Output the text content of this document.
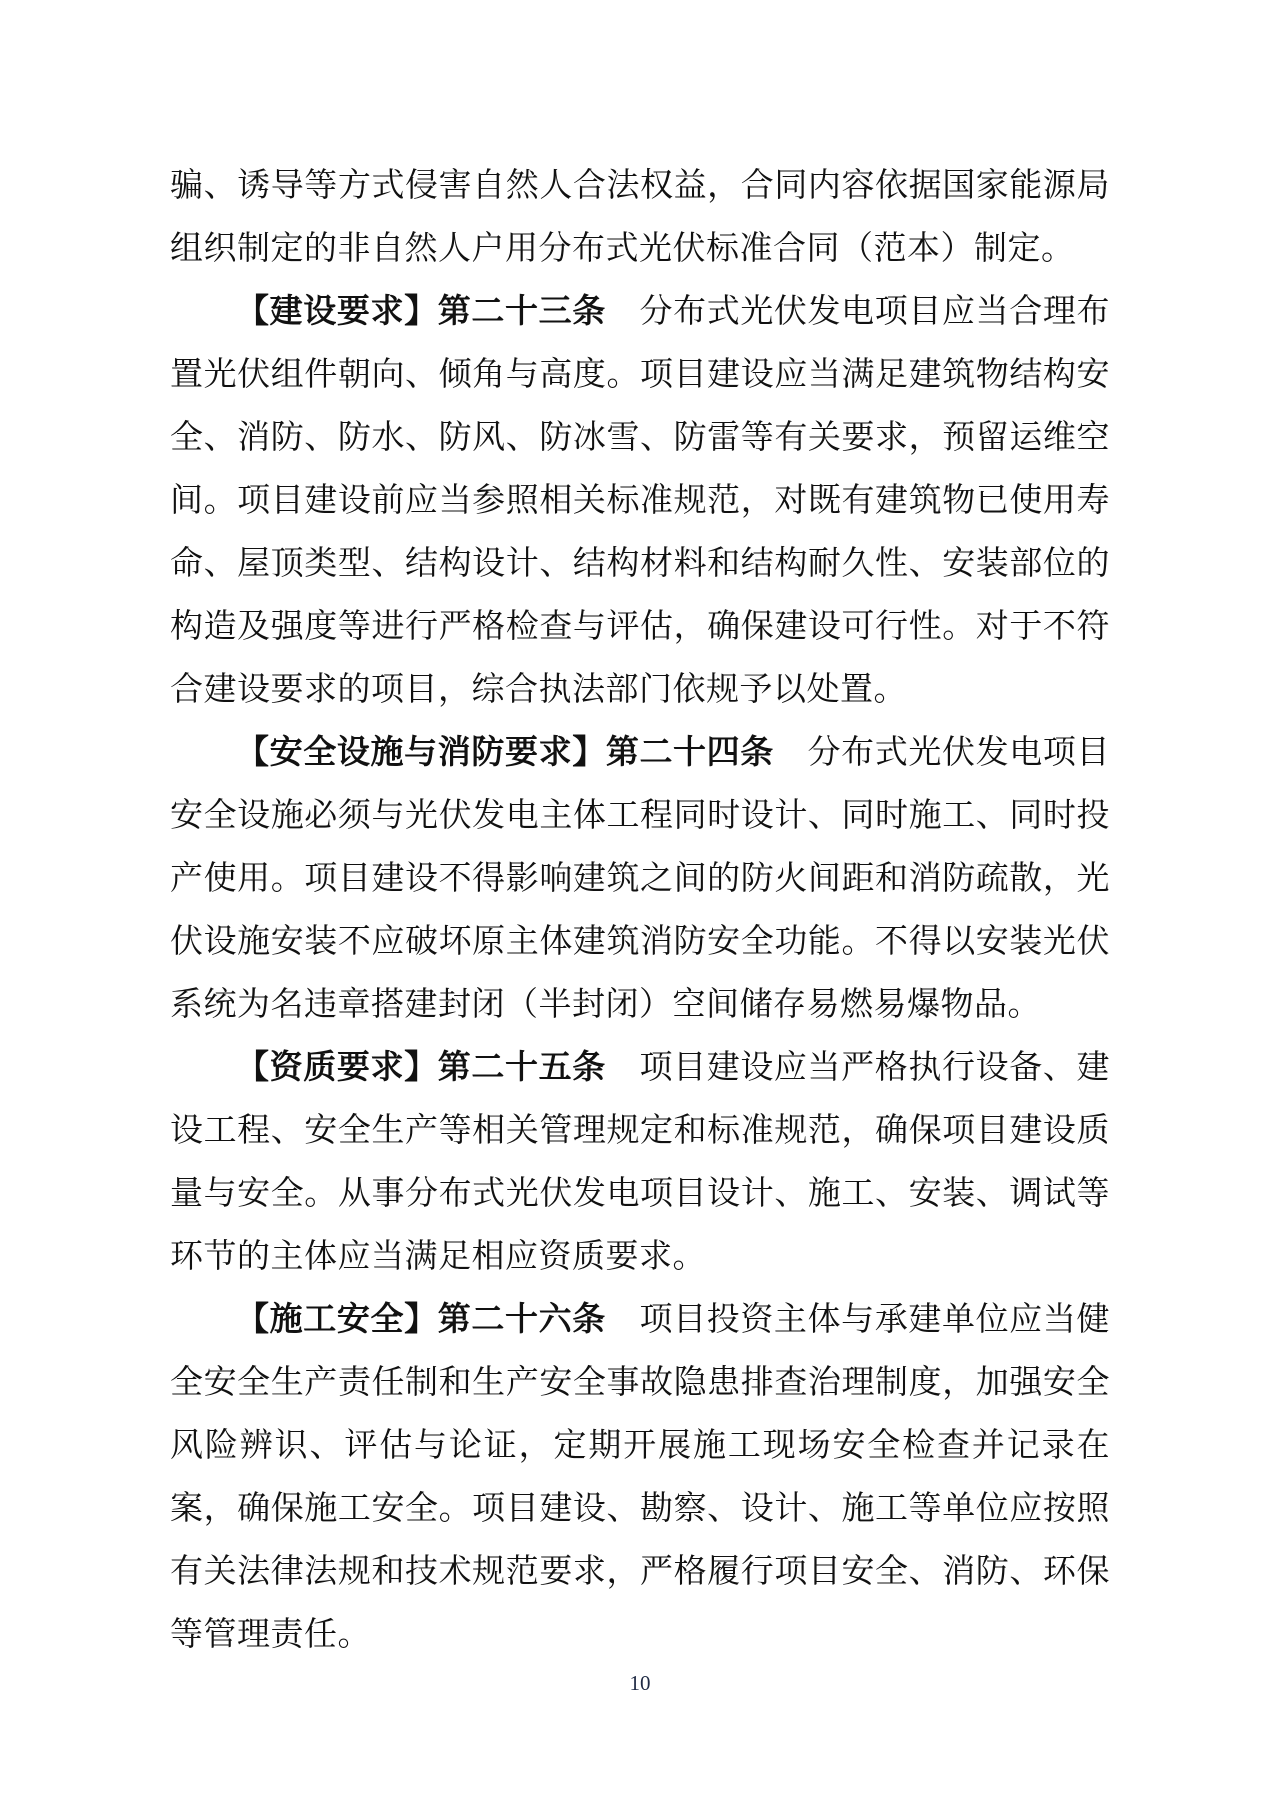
骗、诱导等方式侵害自然人合法权益，合同内容依据国家能源局组织制定的非自然人户用分布式光伏标准合同（范本）制定。

【建设要求】第二十三条　分布式光伏发电项目应当合理布置光伏组件朝向、倾角与高度。项目建设应当满足建筑物结构安全、消防、防水、防风、防冰雪、防雷等有关要求，预留运维空间。项目建设前应当参照相关标准规范，对既有建筑物已使用寿命、屋顶类型、结构设计、结构材料和结构耐久性、安装部位的构造及强度等进行严格检查与评估，确保建设可行性。对于不符合建设要求的项目，综合执法部门依规予以处置。

【安全设施与消防要求】第二十四条　分布式光伏发电项目安全设施必须与光伏发电主体工程同时设计、同时施工、同时投产使用。项目建设不得影响建筑之间的防火间距和消防疏散，光伏设施安装不应破坏原主体建筑消防安全功能。不得以安装光伏系统为名违章搭建封闭（半封闭）空间储存易燃易爆物品。

【资质要求】第二十五条　项目建设应当严格执行设备、建设工程、安全生产等相关管理规定和标准规范，确保项目建设质量与安全。从事分布式光伏发电项目设计、施工、安装、调试等环节的主体应当满足相应资质要求。

【施工安全】第二十六条　项目投资主体与承建单位应当健全安全生产责任制和生产安全事故隐患排查治理制度，加强安全风险辨识、评估与论证，定期开展施工现场安全检查并记录在案，确保施工安全。项目建设、勘察、设计、施工等单位应按照有关法律法规和技术规范要求，严格履行项目安全、消防、环保等管理责任。

10
